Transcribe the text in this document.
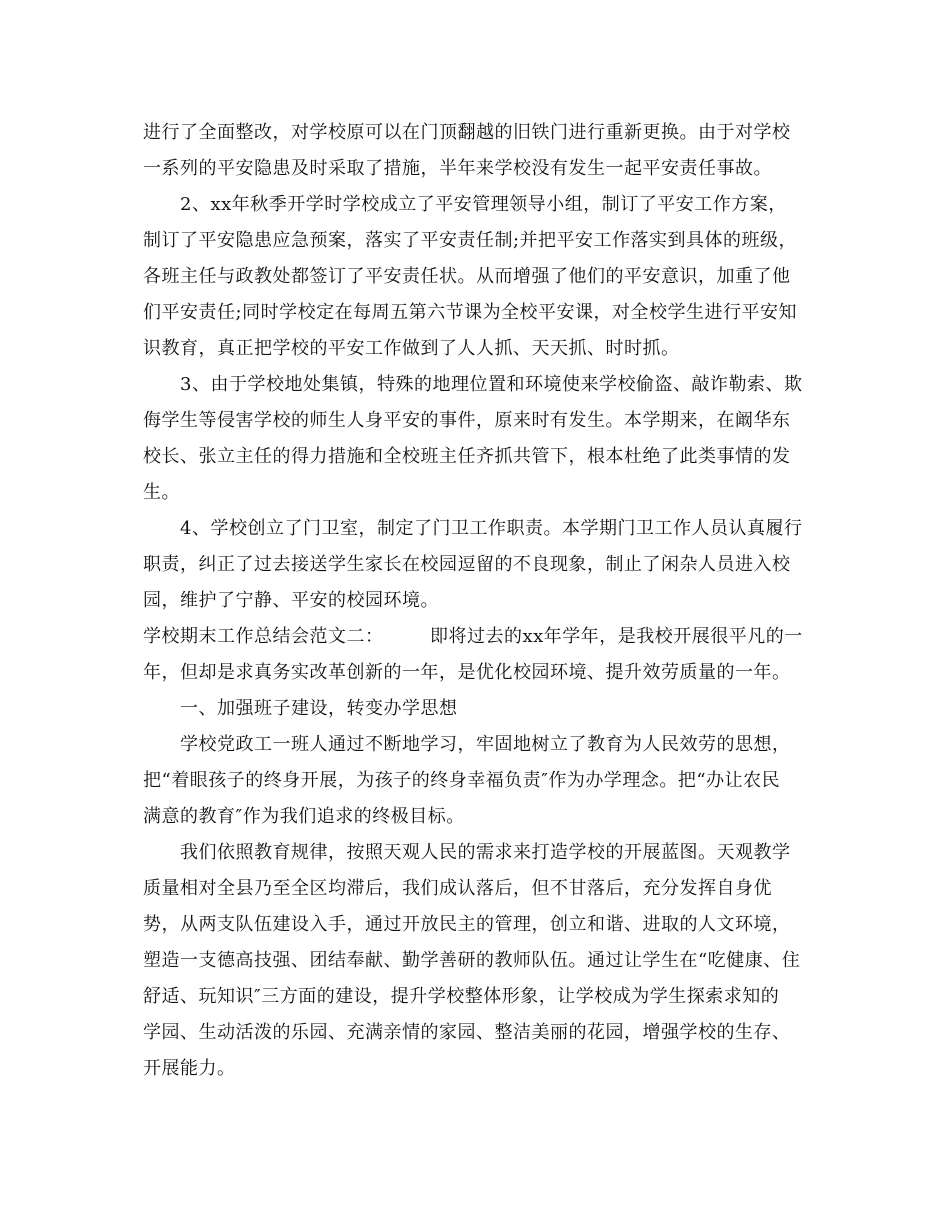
进行了全面整改，对学校原可以在门顶翻越的旧铁门进行重新更换。由于对学校
一系列的平安隐患及时采取了措施，半年来学校没有发生一起平安责任事故。
2、xx年秋季开学时学校成立了平安管理领导小组，制订了平安工作方案，
制订了平安隐患应急预案，落实了平安责任制;并把平安工作落实到具体的班级，
各班主任与政教处都签订了平安责任状。从而增强了他们的平安意识，加重了他
们平安责任;同时学校定在每周五第六节课为全校平安课，对全校学生进行平安知
识教育，真正把学校的平安工作做到了人人抓、天天抓、时时抓。
3、由于学校地处集镇，特殊的地理位置和环境使来学校偷盗、敲诈勒索、欺
侮学生等侵害学校的师生人身平安的事件，原来时有发生。本学期来，在阚华东
校长、张立主任的得力措施和全校班主任齐抓共管下，根本杜绝了此类事情的发
生。
4、学校创立了门卫室，制定了门卫工作职责。本学期门卫工作人员认真履行
职责，纠正了过去接送学生家长在校园逗留的不良现象，制止了闲杂人员进入校
园，维护了宁静、平安的校园环境。
学校期末工作总结会范文二：　　　即将过去的xx年学年，是我校开展很平凡的一
年，但却是求真务实改革创新的一年，是优化校园环境、提升效劳质量的一年。
一、加强班子建设，转变办学思想
学校党政工一班人通过不断地学习，牢固地树立了教育为人民效劳的思想，
把“着眼孩子的终身开展，为孩子的终身幸福负责″作为办学理念。把“办让农民
满意的教育″作为我们追求的终极目标。
我们依照教育规律，按照天观人民的需求来打造学校的开展蓝图。天观教学
质量相对全县乃至全区均滞后，我们成认落后，但不甘落后，充分发挥自身优
势，从两支队伍建设入手，通过开放民主的管理，创立和谐、进取的人文环境，
塑造一支德高技强、团结奉献、勤学善研的教师队伍。通过让学生在“吃健康、住
舒适、玩知识″三方面的建设，提升学校整体形象，让学校成为学生探索求知的
学园、生动活泼的乐园、充满亲情的家园、整洁美丽的花园，增强学校的生存、
开展能力。
